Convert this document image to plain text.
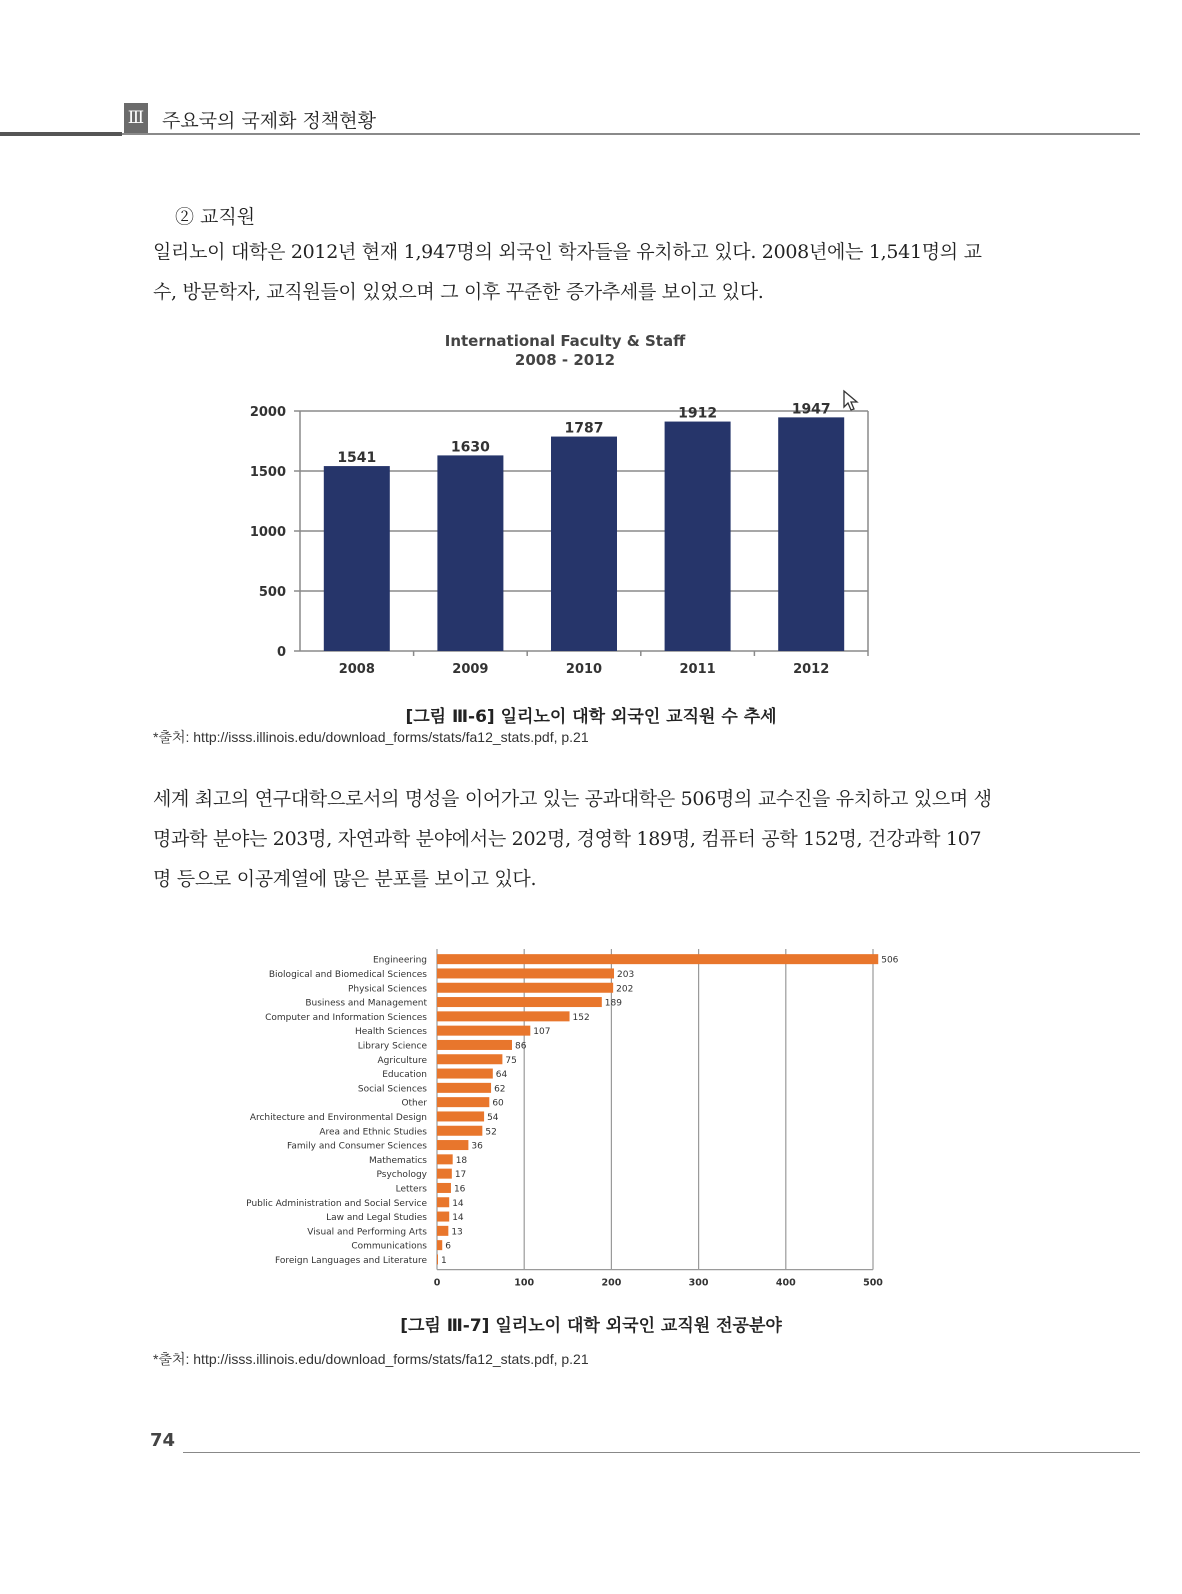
Ⅲ 주요국의 국제화 정책현황
② 교직원
일리노이 대학은 2012년 현재 1,947명의 외국인 학자들을 유치하고 있다. 2008년에는 1,541명의 교수, 방문학자, 교직원들이 있었으며 그 이후 꾸준한 증가추세를 보이고 있다.
International Faculty & Staff
2008 - 2012
0
500
1000
1500
2000
1541
2008
1630
2009
1787
2010
1912
2011
1947
2012
[그림 Ⅲ-6] 일리노이 대학 외국인 교직원 수 추세
*출처: http://isss.illinois.edu/download_forms/stats/fa12_stats.pdf, p.21
세계 최고의 연구대학으로서의 명성을 이어가고 있는 공과대학은 506명의 교수진을 유치하고 있으며 생명과학 분야는 203명, 자연과학 분야에서는 202명, 경영학 189명, 컴퓨터 공학 152명, 건강과학 107명 등으로 이공계열에 많은 분포를 보이고 있다.
0	100	200	300	400	500
Engineering	506
Biological and Biomedical Sciences	203
Physical Sciences	202
Business and Management	189
Computer and Information Sciences	152
Health Sciences	107
Library Science	86
Agriculture	75
Education	64
Social Sciences	62
Other	60
Architecture and Environmental Design	54
Area and Ethnic Studies	52
Family and Consumer Sciences	36
Mathematics	18
Psychology	17
Letters	16
Public Administration and Social Service	14
Law and Legal Studies	14
Visual and Performing Arts	13
Communications 6
Foreign Languages and Literature 1
[그림 Ⅲ-7] 일리노이 대학 외국인 교직원 전공분야
*출처: http://isss.illinois.edu/download_forms/stats/fa12_stats.pdf, p.21
74
